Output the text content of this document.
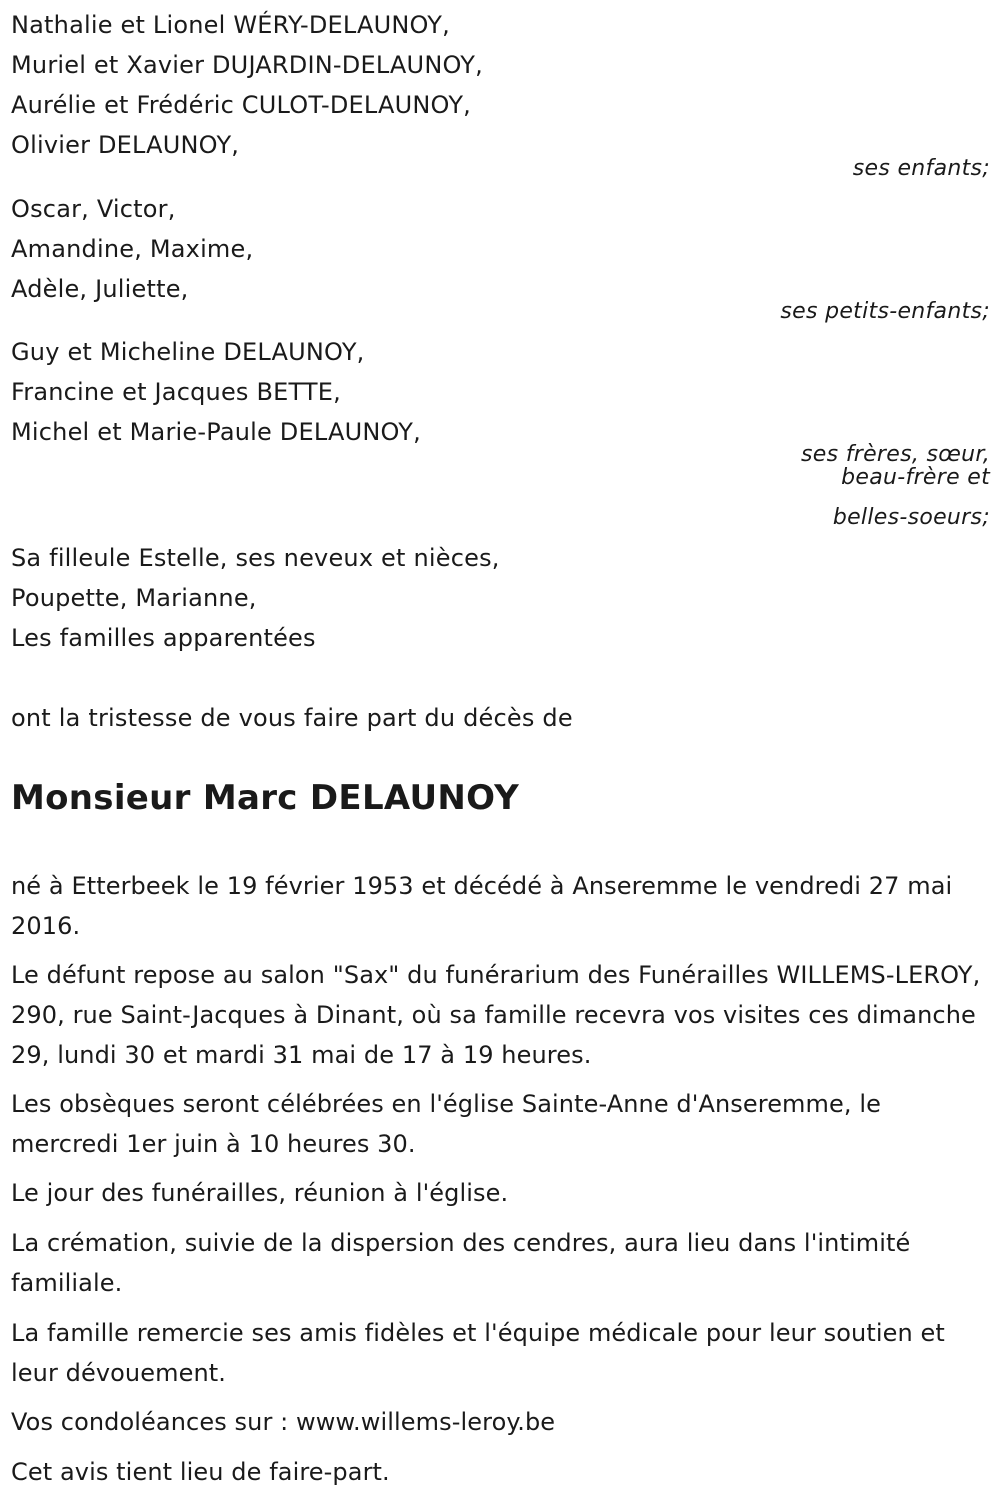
Nathalie et Lionel WÉRY-DELAUNOY,
Muriel et Xavier DUJARDIN-DELAUNOY,
Aurélie et Frédéric CULOT-DELAUNOY,
Olivier DELAUNOY,
ses enfants;
Oscar, Victor,
Amandine, Maxime,
Adèle, Juliette,
ses petits-enfants;
Guy et Micheline DELAUNOY,
Francine et Jacques BETTE,
Michel et Marie-Paule DELAUNOY,
ses frères, sœur,
beau-frère et
belles-soeurs;
Sa filleule Estelle, ses neveux et nièces,
Poupette, Marianne,
Les familles apparentées
ont la tristesse de vous faire part du décès de
Monsieur Marc DELAUNOY

né à Etterbeek le 19 février 1953 et décédé à Anseremme le vendredi 27 mai 2016.

Le défunt repose au salon "Sax" du funérarium des Funérailles WILLEMS-LEROY, 290, rue Saint-Jacques à Dinant, où sa famille recevra vos visites ces dimanche 29, lundi 30 et mardi 31 mai de 17 à 19 heures.

Les obsèques seront célébrées en l'église Sainte-Anne d'Anseremme, le mercredi 1er juin à 10 heures 30.

Le jour des funérailles, réunion à l'église.

La crémation, suivie de la dispersion des cendres, aura lieu dans l'intimité familiale.

La famille remercie ses amis fidèles et l'équipe médicale pour leur soutien et leur dévouement.

Vos condoléances sur : www.willems-leroy.be

Cet avis tient lieu de faire-part.
